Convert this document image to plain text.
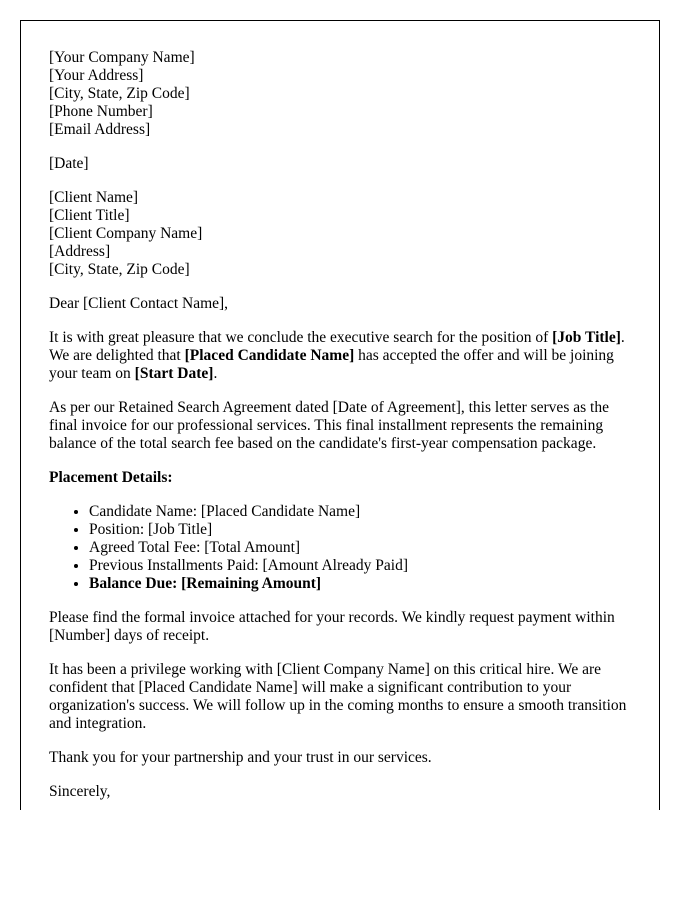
[Your Company Name]
[Your Address]
[City, State, Zip Code]
[Phone Number]
[Email Address]
[Date]
[Client Name]
[Client Title]
[Client Company Name]
[Address]
[City, State, Zip Code]

Dear [Client Contact Name],

It is with great pleasure that we conclude the executive search for the position of [Job Title]. We are delighted that [Placed Candidate Name] has accepted the offer and will be joining your team on [Start Date].

As per our Retained Search Agreement dated [Date of Agreement], this letter serves as the final invoice for our professional services. This final installment represents the remaining balance of the total search fee based on the candidate's first-year compensation package.

Placement Details:

• Candidate Name: [Placed Candidate Name]
• Position: [Job Title]
• Agreed Total Fee: [Total Amount]
• Previous Installments Paid: [Amount Already Paid]
• Balance Due: [Remaining Amount]

Please find the formal invoice attached for your records. We kindly request payment within [Number] days of receipt.

It has been a privilege working with [Client Company Name] on this critical hire. We are confident that [Placed Candidate Name] will make a significant contribution to your organization's success. We will follow up in the coming months to ensure a smooth transition and integration.

Thank you for your partnership and your trust in our services.

Sincerely,
